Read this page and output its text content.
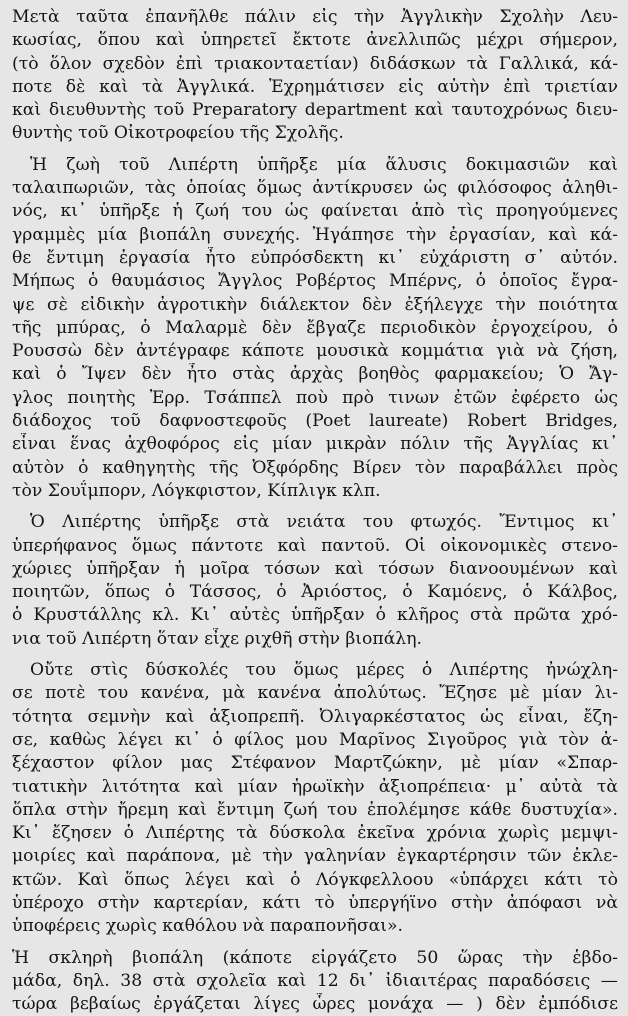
Μετὰ ταῦτα ἐπανῆλθε πάλιν εἰς τὴν Ἀγγλικὴν Σχολὴν Λευ-
κωσίας, ὅπου καὶ ὑπηρετεῖ ἔκτοτε ἀνελλιπῶς μέχρι σήμερον,
(τὸ ὅλον σχεδὸν ἐπὶ τριακονταετίαν) διδάσκων τὰ Γαλλικά, κά-
ποτε δὲ καὶ τὰ Ἀγγλικά. Ἐχρημάτισεν εἰς αὐτὴν ἐπὶ τριετίαν
καὶ διευθυντὴς τοῦ Preparatory department καὶ ταυτοχρόνως διευ-
θυντὴς τοῦ Οἰκοτροφείου τῆς Σχολῆς.
Ἡ ζωὴ τοῦ Λιπέρτη ὑπῆρξε μία ἅλυσις δοκιμασιῶν καὶ
ταλαιπωριῶν, τὰς ὁποίας ὅμως ἀντίκρυσεν ὡς φιλόσοφος ἀληθι-
νός, κι᾽ ὑπῆρξε ἡ ζωή του ὡς φαίνεται ἀπὸ τὶς προηγούμενες
γραμμὲς μία βιοπάλη συνεχής. Ἠγάπησε τὴν ἐργασίαν, καὶ κά-
θε ἔντιμη ἐργασία ἦτο εὐπρόσδεκτη κι᾽ εὐχάριστη σ᾽ αὐτόν.
Μήπως ὁ θαυμάσιος Ἄγγλος Ροβέρτος Μπέρνς, ὁ ὁποῖος ἔγρα-
ψε σὲ εἰδικὴν ἀγροτικὴν διάλεκτον δὲν ἐξήλεγχε τὴν ποιότητα
τῆς μπύρας, ὁ Μαλαρμὲ δὲν ἔβγαζε περιοδικὸν ἐργοχείρου, ὁ
Ρουσσὼ δὲν ἀντέγραφε κάποτε μουσικὰ κομμάτια γιὰ νὰ ζήση,
καὶ ὁ Ἴψεν δὲν ἦτο στὰς ἀρχὰς βοηθὸς φαρμακείου; Ὁ Ἄγ-
γλος ποιητὴς Ἐρρ. Τσάππελ ποὺ πρὸ τινων ἐτῶν ἐφέρετο ὡς
διάδοχος τοῦ δαφνοστεφοῦς (Poet laureate) Robert Bridges,
εἶναι ἕνας ἀχθοφόρος εἰς μίαν μικρὰν πόλιν τῆς Ἀγγλίας κι᾽
αὐτὸν ὁ καθηγητὴς τῆς Ὀξφόρδης Βίρεν τὸν παραβάλλει πρὸς
τὸν Σουΐμπορν, Λόγκφιστον, Κίπλιγκ κλπ.
Ὁ Λιπέρτης ὑπῆρξε στὰ νειάτα του φτωχός. Ἔντιμος κι᾽
ὑπερήφανος ὅμως πάντοτε καὶ παντοῦ. Οἱ οἰκονομικὲς στενο-
χώριες ὑπῆρξαν ἡ μοῖρα τόσων καὶ τόσων διανοουμένων καὶ
ποιητῶν, ὅπως ὁ Τάσσος, ὁ Ἀριόστος, ὁ Καμόενς, ὁ Κάλβος,
ὁ Κρυστάλλης κλ. Κι᾽ αὐτὲς ὑπῆρξαν ὁ κλῆρος στὰ πρῶτα χρό-
νια τοῦ Λιπέρτη ὅταν εἶχε ριχθῆ στὴν βιοπάλη.
Οὔτε στὶς δύσκολές του ὅμως μέρες ὁ Λιπέρτης ἠνώχλη-
σε ποτὲ του κανένα, μὰ κανένα ἀπολύτως. Ἔζησε μὲ μίαν λι-
τότητα σεμνὴν καὶ ἀξιοπρεπῆ. Ὀλιγαρκέστατος ὡς εἶναι, ἔζη-
σε, καθὼς λέγει κι᾽ ὁ φίλος μου Μαρῖνος Σιγοῦρος γιὰ τὸν ἀ-
ξέχαστον φίλον μας Στέφανον Μαρτζώκην, μὲ μίαν «Σπαρ-
τιατικὴν λιτότητα καὶ μίαν ἡρωϊκὴν ἀξιοπρέπεια· μ᾽ αὐτὰ τὰ
ὅπλα στὴν ἤρεμη καὶ ἔντιμη ζωή του ἐπολέμησε κάθε δυστυχία».
Κι᾽ ἔζησεν ὁ Λιπέρτης τὰ δύσκολα ἐκεῖνα χρόνια χωρὶς μεμψι-
μοιρίες καὶ παράπονα, μὲ τὴν γαληνίαν ἐγκαρτέρησιν τῶν ἐκλε-
κτῶν. Καὶ ὅπως λέγει καὶ ὁ Λόγκφελλοου «ὑπάρχει κάτι τὸ
ὑπέροχο στὴν καρτερίαν, κάτι τὸ ὑπεργήϊνο στὴν ἀπόφασι νὰ
ὑποφέρεις χωρὶς καθόλου νὰ παραπονῆσαι».
Ἡ σκληρὴ βιοπάλη (κάποτε εἰργάζετο 50 ὥρας τὴν ἑβδο-
μάδα, δηλ. 38 στὰ σχολεῖα καὶ 12 δι᾽ ἰδιαιτέρας παραδόσεις —
τώρα βεβαίως ἐργάζεται λίγες ὧρες μονάχα — ) δὲν ἐμπόδισε
